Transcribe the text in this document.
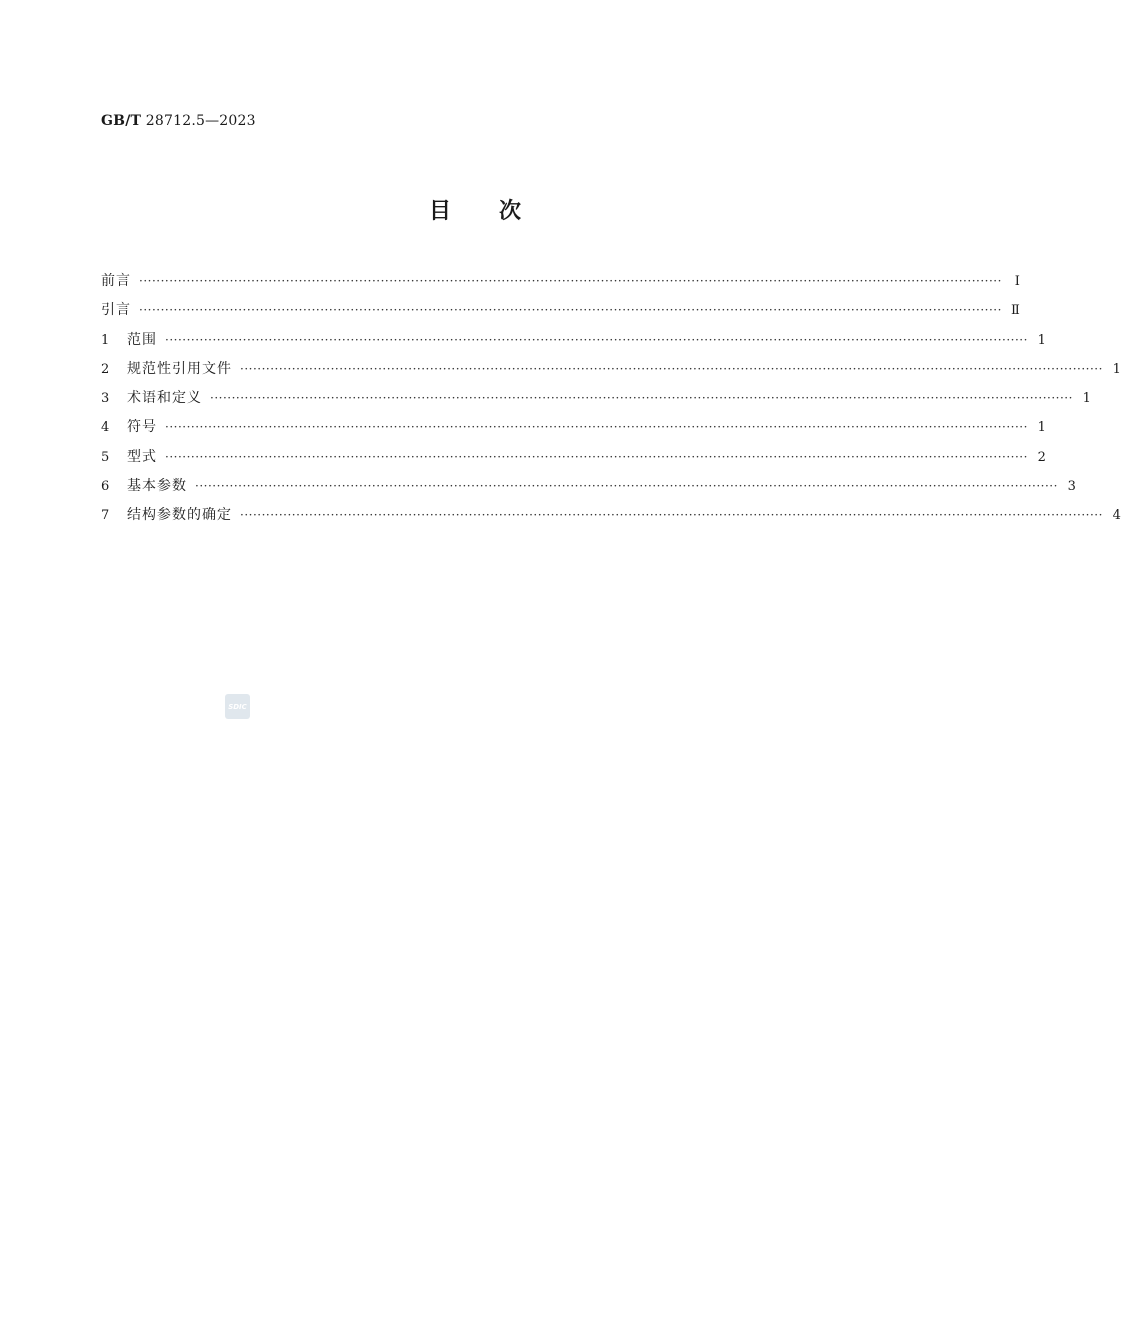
GB/T 28712.5—2023
目次
前言 ········································································································································································································ Ⅰ
引言 ········································································································································································································ Ⅱ
1	范围 ········································································································································································································ 1
2	规范性引用文件 ········································································································································································································ 1
3	术语和定义 ········································································································································································································ 1
4	符号 ········································································································································································································ 1
5	型式 ········································································································································································································ 2
6	基本参数 ········································································································································································································ 3
7	结构参数的确定 ········································································································································································································ 4
SDIC
